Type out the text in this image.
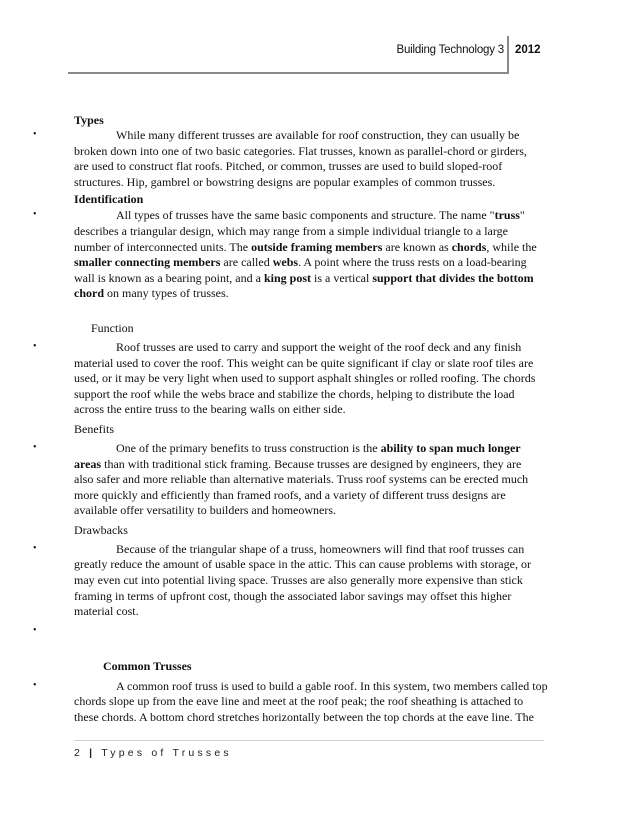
Building Technology 3 2012

Types

•	While many different trusses are available for roof construction, they can usually be broken down into one of two basic categories. Flat trusses, known as parallel-chord or girders, are used to construct flat roofs. Pitched, or common, trusses are used to build sloped-roof structures. Hip, gambrel or bowstring designs are popular examples of common trusses.

Identification

•	All types of trusses have the same basic components and structure. The name "truss" describes a triangular design, which may range from a simple individual triangle to a large number of interconnected units. The outside framing members are known as chords, while the smaller connecting members are called webs. A point where the truss rests on a load-bearing wall is known as a bearing point, and a king post is a vertical support that divides the bottom chord on many types of trusses.

Function

•	Roof trusses are used to carry and support the weight of the roof deck and any finish material used to cover the roof. This weight can be quite significant if clay or slate roof tiles are used, or it may be very light when used to support asphalt shingles or rolled roofing. The chords support the roof while the webs brace and stabilize the chords, helping to distribute the load across the entire truss to the bearing walls on either side.

Benefits

•	One of the primary benefits to truss construction is the ability to span much longer areas than with traditional stick framing. Because trusses are designed by engineers, they are also safer and more reliable than alternative materials. Truss roof systems can be erected much more quickly and efficiently than framed roofs, and a variety of different truss designs are available offer versatility to builders and homeowners.

Drawbacks

•	Because of the triangular shape of a truss, homeowners will find that roof trusses can greatly reduce the amount of usable space in the attic. This can cause problems with storage, or may even cut into potential living space. Trusses are also generally more expensive than stick framing in terms of upfront cost, though the associated labor savings may offset this higher material cost.

•

Common Trusses

•	A common roof truss is used to build a gable roof. In this system, two members called top chords slope up from the eave line and meet at the roof peak; the roof sheathing is attached to these chords. A bottom chord stretches horizontally between the top chords at the eave line. The

2 | Types of Trusses
